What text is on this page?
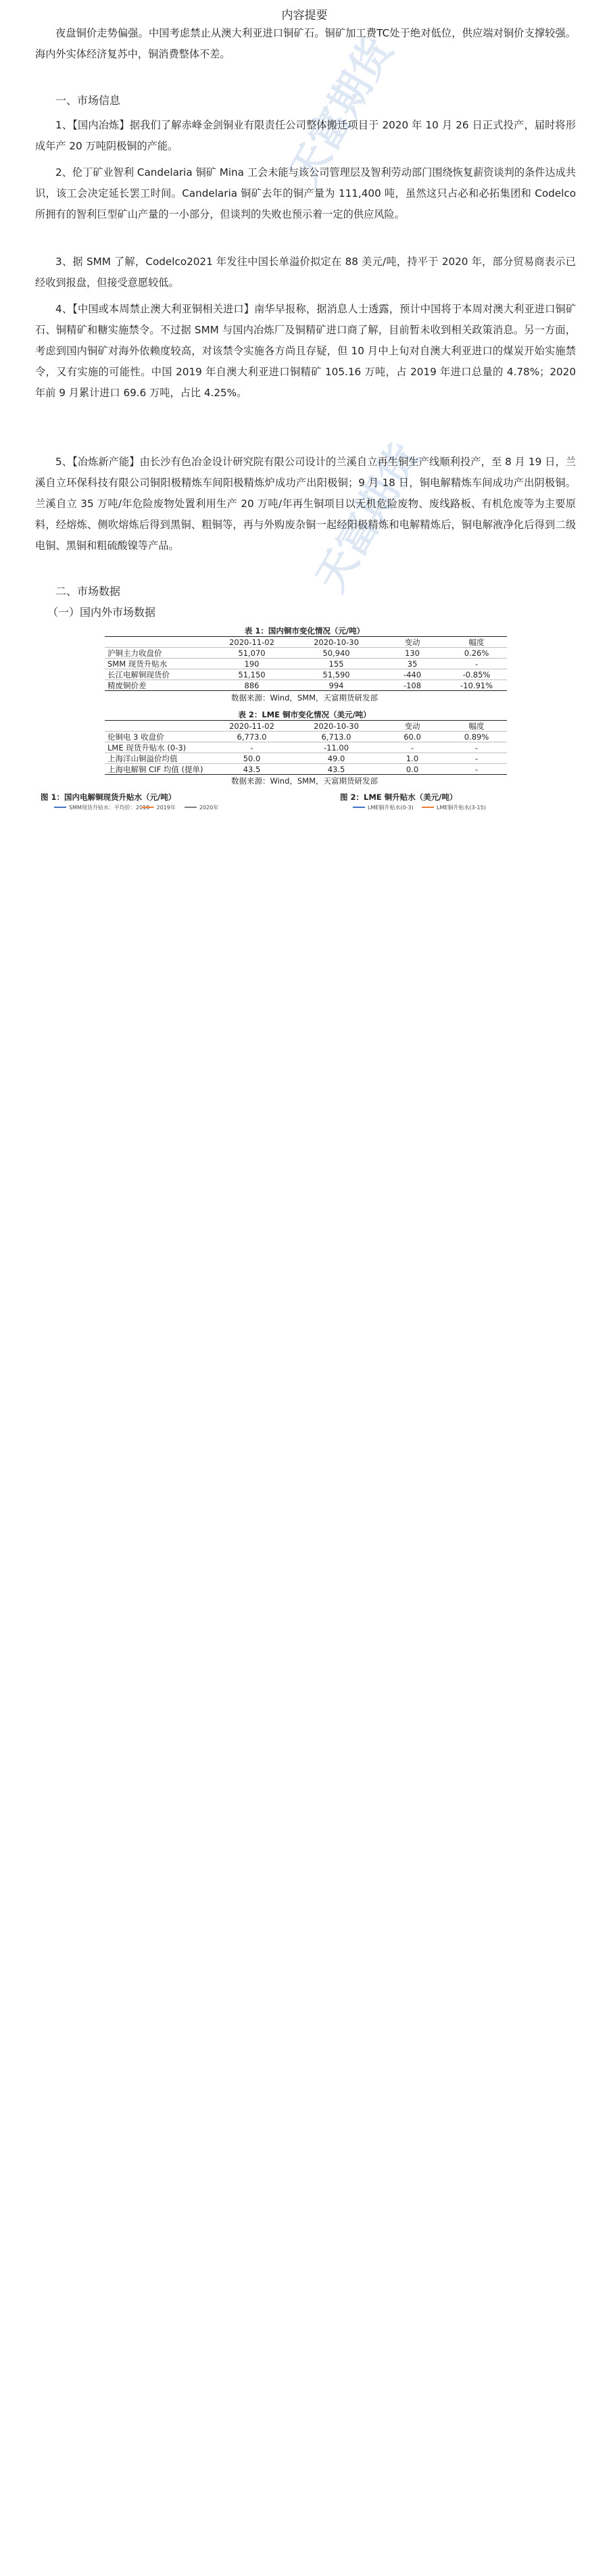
天富期货
天富期货
内容提要

夜盘铜价走势偏强。中国考虑禁止从澳大利亚进口铜矿石。铜矿加工费TC处于绝对低位，供应端对铜价支撑较强。海内外实体经济复苏中，铜消费整体不差。

一、市场信息

1、【国内冶炼】据我们了解赤峰金剑铜业有限责任公司整体搬迁项目于 2020 年 10 月 26 日正式投产，届时将形成年产 20 万吨阴极铜的产能。

2、伦丁矿业智利 Candelaria 铜矿 Mina 工会未能与该公司管理层及智利劳动部门围绕恢复薪资谈判的条件达成共识，该工会决定延长罢工时间。Candelaria 铜矿去年的铜产量为 111,400 吨，虽然这只占必和必拓集团和 Codelco 所拥有的智利巨型矿山产量的一小部分，但谈判的失败也预示着一定的供应风险。

3、据 SMM 了解，Codelco2021 年发往中国长单溢价拟定在 88 美元/吨，持平于 2020 年，部分贸易商表示已经收到报盘，但接受意愿较低。

4、【中国或本周禁止澳大利亚铜相关进口】南华早报称，据消息人士透露，预计中国将于本周对澳大利亚进口铜矿石、铜精矿和糖实施禁令。不过据 SMM 与国内冶炼厂及铜精矿进口商了解，目前暂未收到相关政策消息。另一方面，考虑到国内铜矿对海外依赖度较高，对该禁令实施各方尚且存疑，但 10 月中上旬对自澳大利亚进口的煤炭开始实施禁令，又有实施的可能性。中国 2019 年自澳大利亚进口铜精矿 105.16 万吨，占 2019 年进口总量的 4.78%；2020 年前 9 月累计进口 69.6 万吨，占比 4.25%。

5、【冶炼新产能】由长沙有色冶金设计研究院有限公司设计的兰溪自立再生铜生产线顺利投产，至 8 月 19 日，兰溪自立环保科技有限公司铜阳极精炼车间阳极精炼炉成功产出阳极铜；9 月 18 日，铜电解精炼车间成功产出阴极铜。兰溪自立 35 万吨/年危险废物处置利用生产 20 万吨/年再生铜项目以无机危险废物、废线路板、有机危废等为主要原料，经熔炼、侧吹熔炼后得到黑铜、粗铜等，再与外购废杂铜一起经阳极精炼和电解精炼后，铜电解液净化后得到二级电铜、黑铜和粗硫酸镍等产品。

二、市场数据
（一）国内外市场数据
表 1：国内铜市变化情况（元/吨）
	2020-11-02	2020-10-30	变动	幅度
沪铜主力收盘价	51,070	50,940	130	0.26%
SMM 现货升贴水	190	155	35	-
长江电解铜现货价	51,150	51,590	-440	-0.85%
精废铜价差	886	994	-108	-10.91%
数据来源：Wind，SMM，天富期货研发部
表 2：LME 铜市变化情况（美元/吨）
	2020-11-02	2020-10-30	变动	幅度
伦铜电 3 收盘价	6,773.0	6,713.0	60.0	0.89%
LME 现货升贴水 (0-3)	-	-11.00	-	-
上海洋山铜溢价均值	50.0	49.0	1.0	-
上海电解铜 CIF 均值 (提单)	43.5	43.5	0.0	-
数据来源：Wind，SMM，天富期货研发部
图 1：国内电解铜现货升贴水（元/吨）	图 2：LME 铜升贴水（美元/吨）
SMM现货升贴水：平均价：2018 2019年	2020年	LME铜升贴水(0-3)	LME铜升贴水(3-15)
